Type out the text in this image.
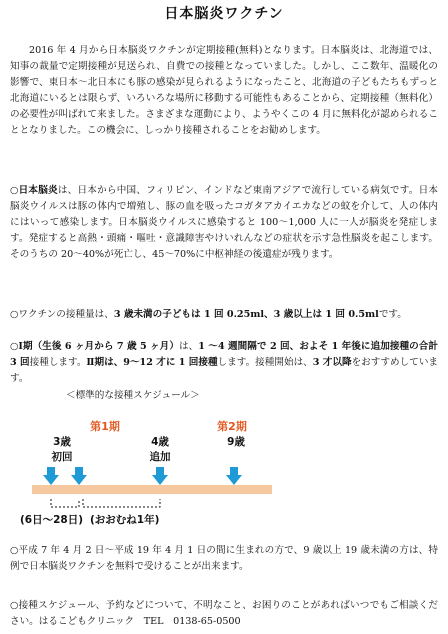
日本脳炎ワクチン
2016 年 4 月から日本脳炎ワクチンが定期接種(無料)となります。日本脳炎は、北海道では、知事の裁量で定期接種が見送られ、自費での接種となっていました。しかし、ここ数年、温暖化の影響で、東日本～北日本にも豚の感染が見られるようになったこと、北海道の子どもたちもずっと北海道にいるとは限らず、いろいろな場所に移動する可能性もあることから、定期接種（無料化）の必要性が叫ばれて来ました。さまざまな運動により、ようやくこの 4 月に無料化が認められることとなりました。この機会に、しっかり接種されることをお勧めします。
○日本脳炎は、日本から中国、フィリピン、インドなど東南アジアで流行している病気です。日本脳炎ウイルスは豚の体内で増殖し、豚の血を吸ったコガタアカイエカなどの蚊を介して、人の体内にはいって感染します。日本脳炎ウイルスに感染すると 100～1,000 人に一人が脳炎を発症します。発症すると高熱・頭痛・嘔吐・意識障害やけいれんなどの症状を示す急性脳炎を起こします。そのうちの 20～40%が死亡し、45～70%に中枢神経の後遺症が残ります。
○ワクチンの接種量は、3 歳未満の子どもは 1 回 0.25ml、3 歳以上は 1 回 0.5mlです。
○Ⅰ期（生後 6 ヶ月から 7 歳 5 ヶ月）は、1 ～4 週間隔で 2 回、およそ 1 年後に追加接種の合計 3 回接種します。Ⅱ期は、9～12 才に 1 回接種します。接種開始は、3 才以降をおすすめしています。
＜標準的な接種スケジュール＞
第1期	第2期
3歳
初回
4歳
追加
9歳
(6日～28日) (おおむね1年)
○平成 7 年 4 月 2 日～平成 19 年 4 月 1 日の間に生まれの方で、9 歳以上 19 歳未満の方は、特例で日本脳炎ワクチンを無料で受けることが出来ます。
○接種スケジュール、予約などについて、不明なこと、お困りのことがあればいつでもご相談ください。はるこどもクリニック　TEL　0138-65-0500
